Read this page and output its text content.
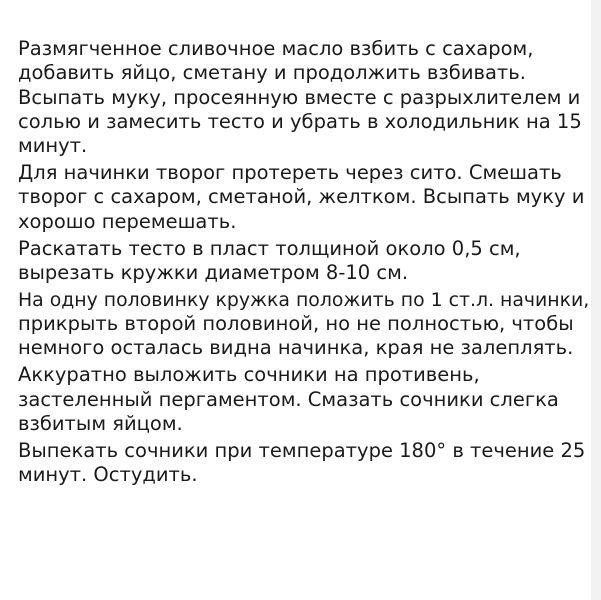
Размягченное сливочное масло взбить с сахаром,
добавить яйцо, сметану и продолжить взбивать.
Всыпать муку, просеянную вместе с разрыхлителем и
солью и замесить тесто и убрать в холодильник на 15
минут.

Для начинки творог протереть через сито. Смешать
творог с сахаром, сметаной, желтком. Всыпать муку и
хорошо перемешать.

Раскатать тесто в пласт толщиной около 0,5 см,
вырезать кружки диаметром 8-10 см.

На одну половинку кружка положить по 1 ст.л. начинки,
прикрыть второй половиной, но не полностью, чтобы
немного осталась видна начинка, края не залеплять.

Аккуратно выложить сочники на противень,
застеленный пергаментом. Смазать сочники слегка
взбитым яйцом.

Выпекать сочники при температуре 180° в течение 25
минут. Остудить.
